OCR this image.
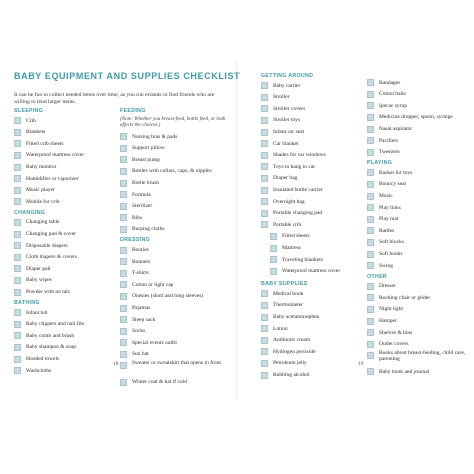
BABY EQUIPMENT AND SUPPLIES CHECKLIST
It can be fun to collect needed items over time, as you run errands or find friends who are willing to lend larger items.
SLEEPING
Crib
Blankets
Fitted crib sheets
Waterproof mattress cover
Baby monitor
Humidifier or vaporizer
Music player
Mobile for crib
CHANGING
Changing table
Changing pad & cover
Disposable diapers
Cloth diapers & covers
Diaper pail
Baby wipes
Powder with no talc
BATHING
Infant tub
Baby clippers and nail file
Baby comb and brush
Baby shampoo & soap
Hooded towels
Washcloths
FEEDING
(Note: Whether you breast-feed, bottle feed, or both affects the choices.)
Nursing bras & pads
Support pillow
Breast pump
Bottles with collars, caps, & nipples
Bottle brush
Formula
Sterilizer
Bibs
Burping cloths
DRESSING
Booties
Bonnets
T-shirts
Cotton or light cap
Onesies (short and long sleeves)
Pajamas
Sleep sack
Socks
Special events outfit
Sun hat
Sweater or sweatshirt that opens in front
Winter coat & hat if cold
18
GETTING AROUND
Baby carrier
Stroller
Stroller covers
Stroller toys
Infant car seat
Car blanket
Shades for car windows
Toys to hang in car
Diaper bag
Insulated bottle carrier
Overnight bag
Portable changing pad
Portable crib
Fitted sheets
Mattress
Traveling blankets
Waterproof mattress cover
BABY SUPPLIES
Medical book
Thermometer
Baby acetaminophen
Lotion
Antibiotic cream
Hydrogen peroxide
Petroleum jelly
Rubbing alcohol
Bandages
Cotton balls
Ipecac syrup
Medicine dropper, spoon, syringe
Nasal aspirator
Pacifiers
Tweezers
PLAYING
Basket for toys
Bouncy seat
Music
Play links
Play mat
Rattles
Soft blocks
Soft books
Swing
OTHER
Dresser
Rocking chair or glider
Night light
Hamper
Shelves & bins
Outlet covers
Books about breast-feeding, child care, parenting
Baby book and journal
19
